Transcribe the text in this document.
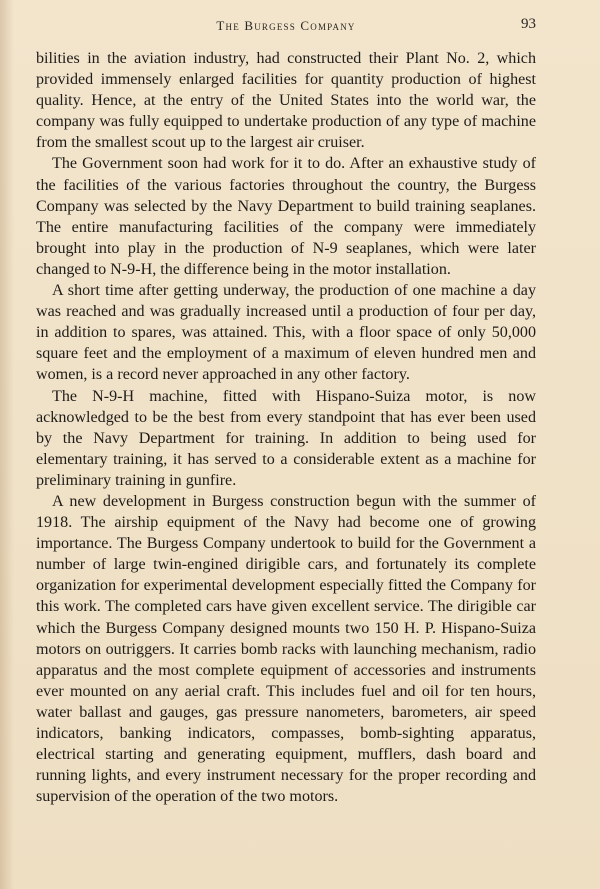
The Burgess Company	93

bilities in the aviation industry, had constructed their Plant No. 2, which provided immensely enlarged facilities for quantity production of highest quality. Hence, at the entry of the United States into the world war, the company was fully equipped to undertake production of any type of machine from the smallest scout up to the largest air cruiser.

The Government soon had work for it to do. After an exhaustive study of the facilities of the various factories throughout the country, the Burgess Company was selected by the Navy Department to build training seaplanes. The entire manufacturing facilities of the company were immediately brought into play in the production of N-9 seaplanes, which were later changed to N-9-H, the difference being in the motor installation.

A short time after getting underway, the production of one machine a day was reached and was gradually increased until a production of four per day, in addition to spares, was attained. This, with a floor space of only 50,000 square feet and the employment of a maximum of eleven hundred men and women, is a record never approached in any other factory.

The N-9-H machine, fitted with Hispano-Suiza motor, is now acknowledged to be the best from every standpoint that has ever been used by the Navy Department for training. In addition to being used for elementary training, it has served to a considerable extent as a machine for preliminary training in gunfire.

A new development in Burgess construction begun with the summer of 1918. The airship equipment of the Navy had become one of growing importance. The Burgess Company undertook to build for the Government a number of large twin-engined dirigible cars, and fortunately its complete organization for experimental development especially fitted the Company for this work. The completed cars have given excellent service. The dirigible car which the Burgess Company designed mounts two 150 H. P. Hispano-Suiza motors on outriggers. It carries bomb racks with launching mechanism, radio apparatus and the most complete equipment of accessories and instruments ever mounted on any aerial craft. This includes fuel and oil for ten hours, water ballast and gauges, gas pressure nanometers, barometers, air speed indicators, banking indicators, compasses, bomb-sighting apparatus, electrical starting and generating equipment, mufflers, dash board and running lights, and every instrument necessary for the proper recording and supervision of the operation of the two motors.
